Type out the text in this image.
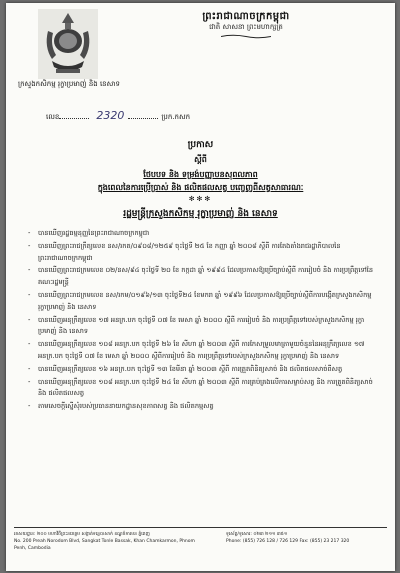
ព្រះរាជាណាចក្រកម្ពុជា
ជាតិ សាសនា ព្រះមហាក្សត្រ
ក្រសួងកសិកម្ម រុក្ខាប្រមាញ់ និង នេសាទ
លេខ	2320	ប្រក.កសក
ប្រកាស
ស្តីពី
ថែបបទ និង ទម្រង់បញ្ញាបនសុពលភាព
ក្នុងពេលនៃការប្រើប្រាស់ និង ផលិតផលសត្វ បញ្ចេញ​ពីសត្វសាធារណៈ
✻✻✻
រដ្ឋមន្ត្រីក្រសួងកសិកម្ម រុក្ខាប្រមាញ់ និង នេសាទ
- បានឃើញរដ្ឋធម្មនុញ្ញនៃព្រះរាជាណាចក្រកម្ពុជា
- បានឃើញព្រះរាជក្រឹត្យលេខ នស/រកត/០៩០៨/១២៥៩ ចុះថ្ងៃទី ២៥ ខែ កញ្ញា ឆ្នាំ ២០០៨ ស្តីពី ការតែងតាំងរាជរដ្ឋាភិបាលនៃព្រះរាជាណាចក្រកម្ពុជា
- បានឃើញព្រះរាជក្រមលេខ ០២/នស/៩៤ ចុះថ្ងៃទី ២០ ខែ កក្កដា ឆ្នាំ ១៩៩៤ ដែលប្រកាសឱ្យប្រើច្បាប់ស្តីពី ការរៀបចំ និង ការប្រព្រឹត្តទៅនៃគណៈរដ្ឋមន្ត្រី
- បានឃើញព្រះរាជក្រមលេខ នស/រកម/០១៩៦/១៣ ចុះថ្ងៃទី២៤ ខែមករា ឆ្នាំ ១៩៩៦ ដែលប្រកាសឱ្យប្រើច្បាប់ស្តីពីការបង្កើតក្រសួងកសិកម្ម រុក្ខាប្រមាញ់ និង នេសាទ
- បានឃើញអនុក្រឹត្យលេខ ១៧ អនក្រ.បក ចុះថ្ងៃទី ០៧ ខែ មេសា ឆ្នាំ ២០០០ ស្តីពី ការរៀបចំ និង ការប្រព្រឹត្តទៅរបស់ក្រសួងកសិកម្ម រុក្ខាប្រមាញ់ និង នេសាទ
- បានឃើញអនុក្រឹត្យលេខ ១០៨ អនក្រ.បក ចុះថ្ងៃទី ២៦ ខែ សីហា ឆ្នាំ ២០០៣ ស្តីពី ការកែសម្រួលមាត្រាមួយចំនួននៃអនុក្រឹត្យលេខ ១៧ អនក្រ.បក ចុះថ្ងៃទី ០៧ ខែ មេសា ឆ្នាំ ២០០០ ស្តីពីការរៀបចំ និង ការប្រព្រឹត្តទៅរបស់ក្រសួងកសិកម្ម រុក្ខាប្រមាញ់ និង នេសាទ
- បានឃើញអនុក្រឹត្យលេខ ១៦ អនក្រ.បក ចុះថ្ងៃទី ១៣ ខែមីនា ឆ្នាំ ២០០៣ ស្តីពី ការត្រួតពិនិត្យសាច់ និង ផលិតផលសាច់ពីសត្វ
- បានឃើញអនុក្រឹត្យលេខ ១០៨ អនក្រ.បក ចុះថ្ងៃទី ២៤ ខែ សីហា ឆ្នាំ ២០០៣ ស្តីពី ការគ្រប់គ្រងលើការសម្លាប់សត្វ និង ការត្រួតពិនិត្យសាច់ និង ផលិតផលសត្វ
- តាមសេចក្តីស្នើសុំរបស់ប្រធាននាយកដ្ឋានសុខភាពសត្វ និង ផលិតកម្មសត្វ
អាសយដ្ឋាន: ២០០ មហាវិថីព្រះនរោត្តម សង្កាត់ទន្លេបាសាក់ ខណ្ឌចំការមន ភ្នំពេញ
No. 200 Preah Norodom Blvd, Sangkat Tonle Bassak, Khan Chamkarmon, Phnom Penh, Cambodia
ទូរស័ព្ទ/ទូរសារ: ០២៣ ២១១ ៣៥១
Phone: (855) 726 128 / 726 129 Fax: (855) 23 217 320
